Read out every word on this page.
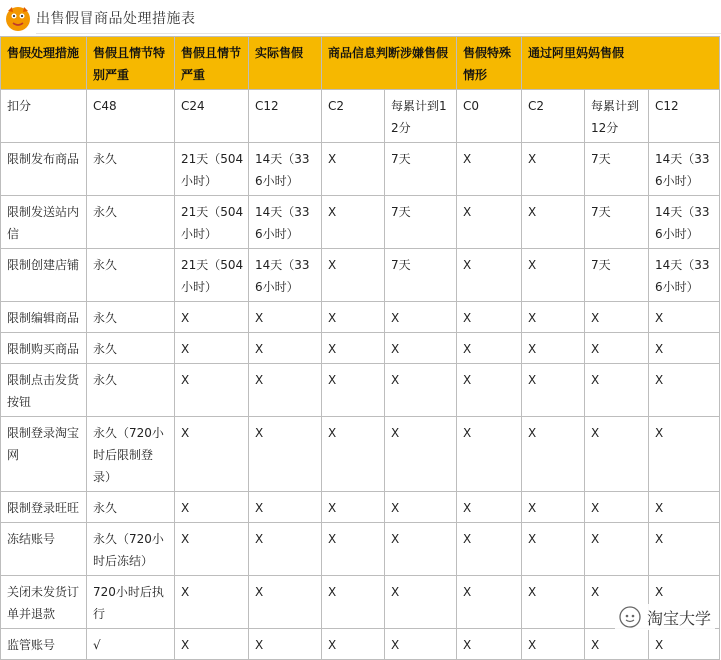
出售假冒商品处理措施表
售假处理措施	售假且情节特别严重	售假且情节严重	实际售假	商品信息判断涉嫌售假		售假特殊情形	通过阿里妈妈售假		
扣分	C48	C24	C12	C2	每累计到12分	C0	C2	每累计到12分	C12
限制发布商品	永久	21天（504小时）	14天（336小时）	X	7天	X	X	7天	14天（336小时）
限制发送站内信	永久	21天（504小时）	14天（336小时）	X	7天	X	X	7天	14天（336小时）
限制创建店铺	永久	21天（504小时）	14天（336小时）	X	7天	X	X	7天	14天（336小时）
限制编辑商品	永久	X	X	X	X	X	X	X	X
限制购买商品	永久	X	X	X	X	X	X	X	X
限制点击发货按钮	永久	X	X	X	X	X	X	X	X
限制登录淘宝网	永久（720小时后限制登录）	X	X	X	X	X	X	X	X
限制登录旺旺	永久	X	X	X	X	X	X	X	X
冻结账号	永久（720小时后冻结）	X	X	X	X	X	X	X	X
关闭未发货订单并退款	720小时后执行	X	X	X	X	X	X	X	X
监管账号	√	X	X	X	X	X	X	X	X
淘宝大学
